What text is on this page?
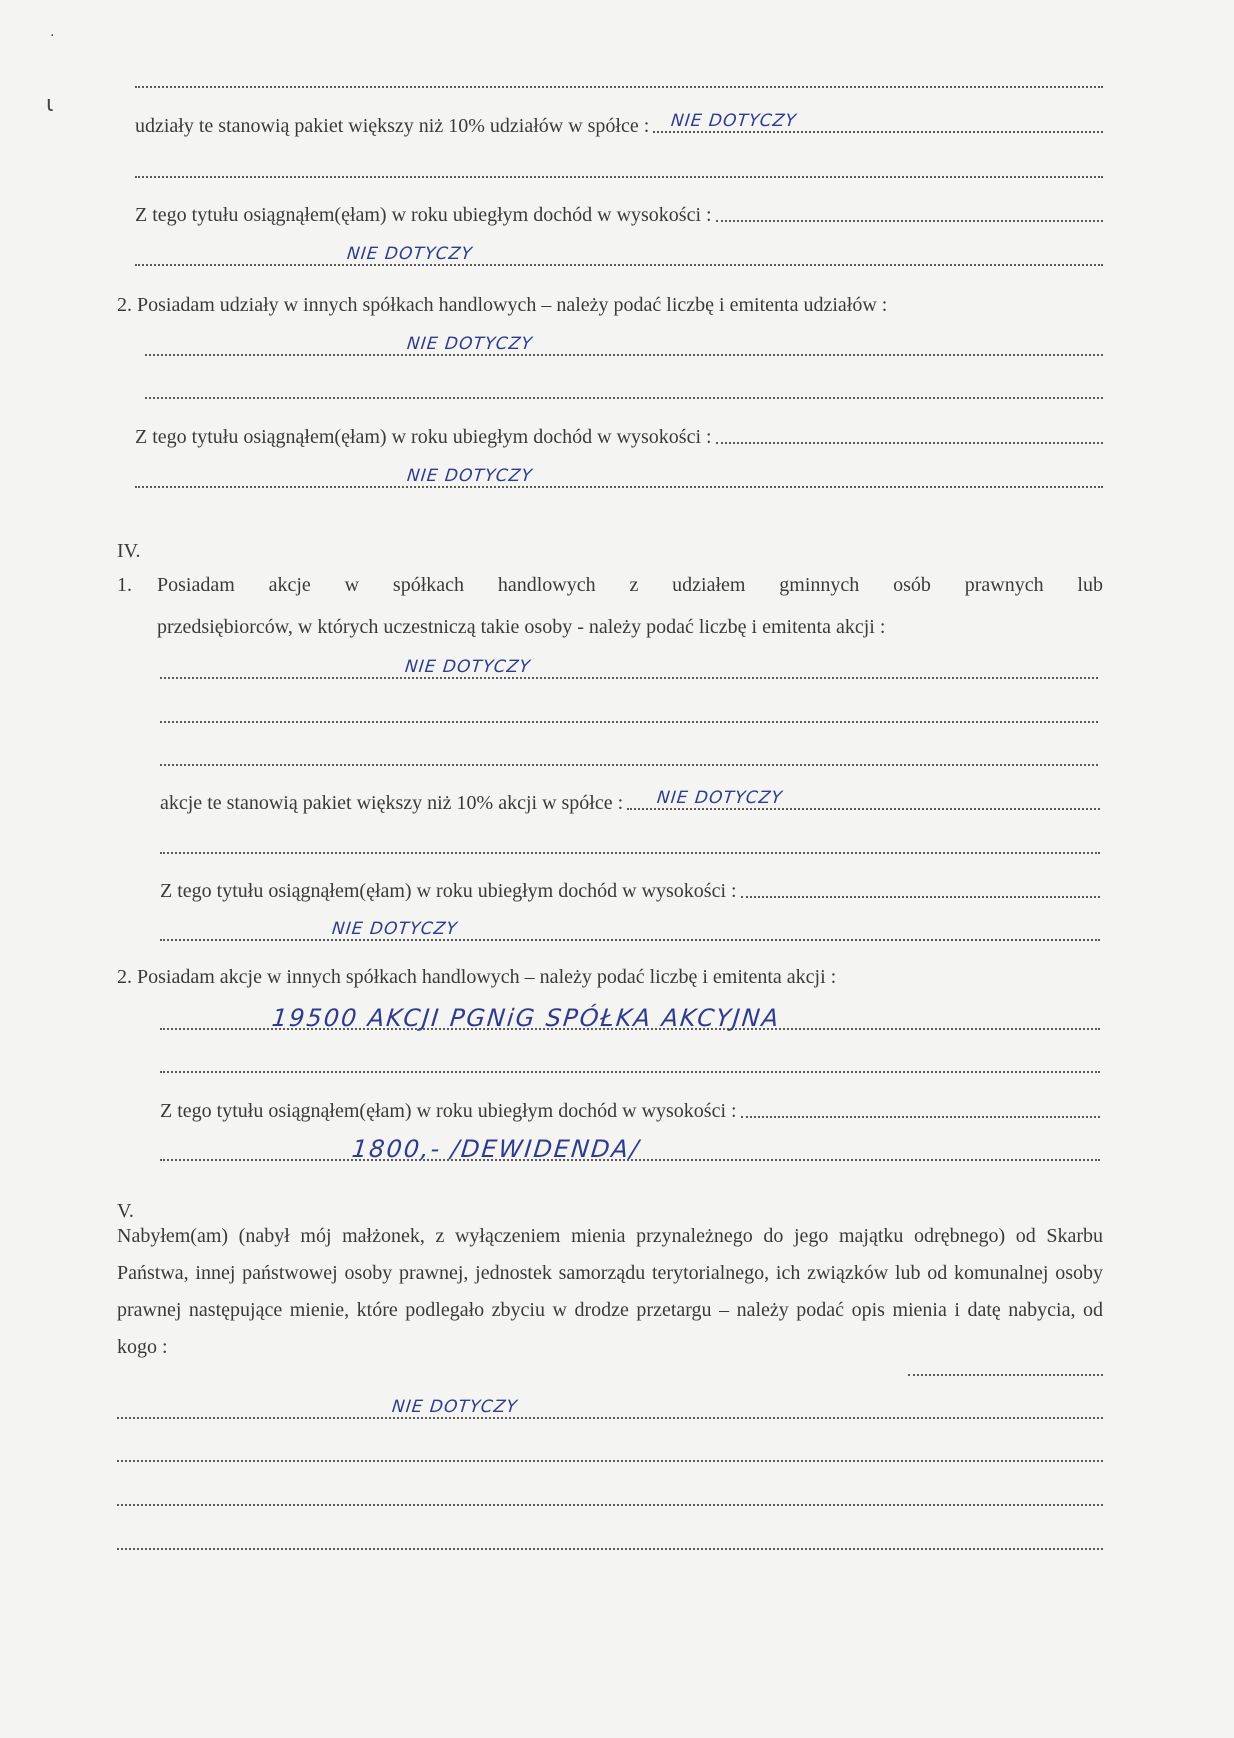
·
ɩ
udziały te stanowią pakiet większy niż 10% udziałów w spółce : NIE DOTYCZY
Z tego tytułu osiągnąłem(ęłam) w roku ubiegłym dochód w wysokości :
NIE DOTYCZY
2. Posiadam udziały w innych spółkach handlowych – należy podać liczbę i emitenta udziałów :
NIE DOTYCZY
Z tego tytułu osiągnąłem(ęłam) w roku ubiegłym dochód w wysokości :
NIE DOTYCZY
IV.
1.	Posiadam akcje w spółkach handlowych z udziałem gminnych osób prawnych lub
przedsiębiorców, w których uczestniczą takie osoby - należy podać liczbę i emitenta akcji :
NIE DOTYCZY
akcje te stanowią pakiet większy niż 10% akcji w spółce : NIE DOTYCZY
Z tego tytułu osiągnąłem(ęłam) w roku ubiegłym dochód w wysokości :
NIE DOTYCZY
2. Posiadam akcje w innych spółkach handlowych – należy podać liczbę i emitenta akcji :
19500 AKCJI PGNiG SPÓŁKA AKCYJNA
Z tego tytułu osiągnąłem(ęłam) w roku ubiegłym dochód w wysokości :
1800,- /DEWIDENDA/
V.
Nabyłem(am) (nabył mój małżonek, z wyłączeniem mienia przynależnego do jego majątku odrębnego) od Skarbu Państwa, innej państwowej osoby prawnej, jednostek samorządu terytorialnego, ich związków lub od komunalnej osoby prawnej następujące mienie, które podlegało zbyciu w drodze przetargu – należy podać opis mienia i datę nabycia, od kogo :
NIE DOTYCZY
